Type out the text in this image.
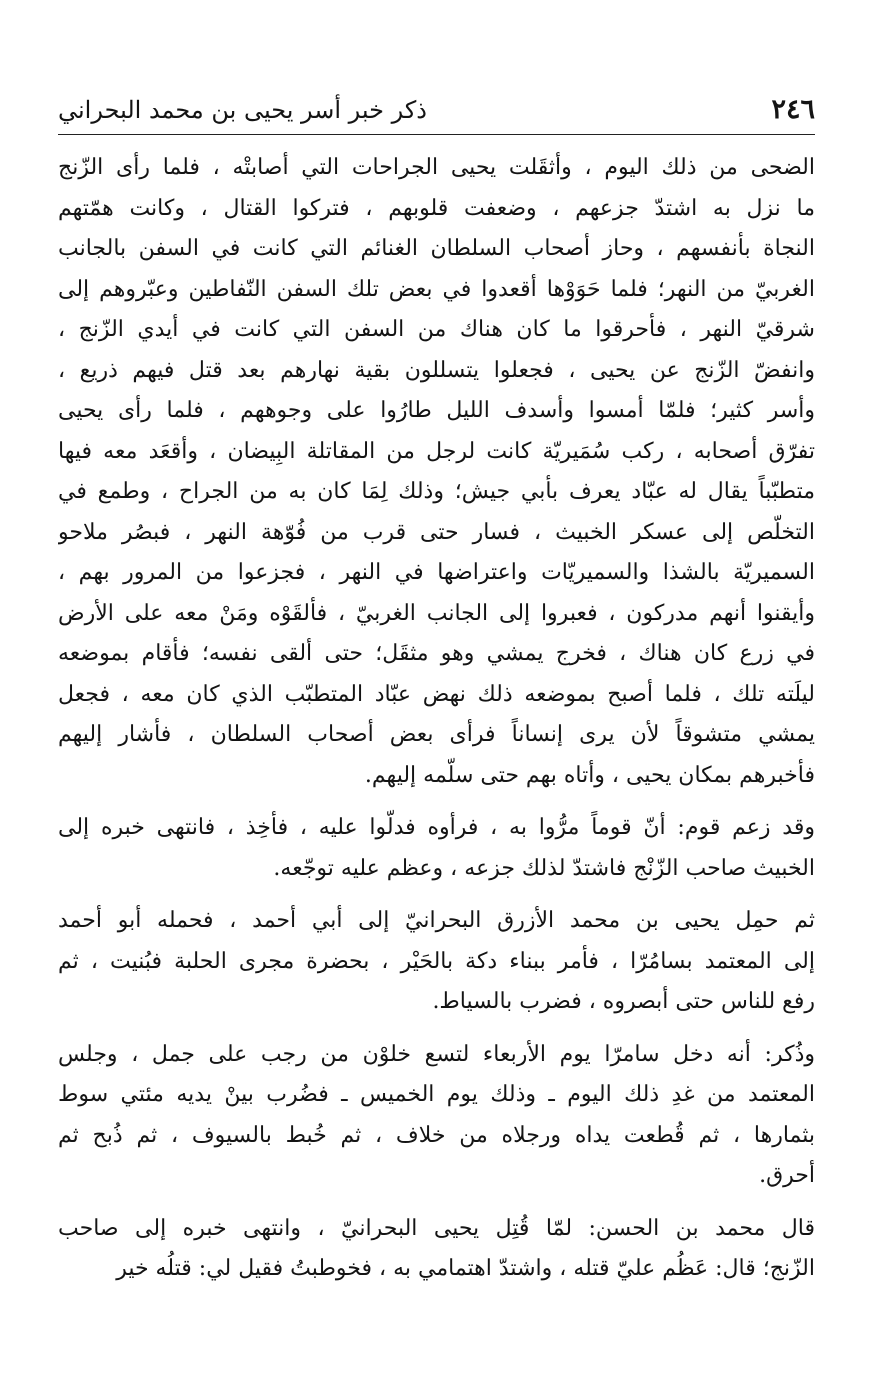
٢٤٦
ذكر خبر أسر يحيى بن محمد البحراني

الضحى من ذلك اليوم ، وأثقَلت يحيى الجراحات التي أصابتْه ، فلما رأى الزّنج
ما نزل به اشتدّ جزعهم ، وضعفت قلوبهم ، فتركوا القتال ، وكانت همّتهم
النجاة بأنفسهم ، وحاز أصحاب السلطان الغنائم التي كانت في السفن بالجانب
الغربيّ من النهر؛ فلما حَوَوْها أقعدوا في بعض تلك السفن النّفاطين وعبّروهم إلى
شرقيّ النهر ، فأحرقوا ما كان هناك من السفن التي كانت في أيدي الزّنج ،
وانفضّ الزّنج عن يحيى ، فجعلوا يتسللون بقية نهارهم بعد قتل فيهم ذريع ،
وأسر كثير؛ فلمّا أمسوا وأسدف الليل طارُوا على وجوههم ، فلما رأى يحيى
تفرّق أصحابه ، ركب سُمَيريّة كانت لرجل من المقاتلة البِيضان ، وأقعَد معه فيها
متطبّباً يقال له عبّاد يعرف بأبي جيش؛ وذلك لِمَا كان به من الجراح ، وطمع في
التخلّص إلى عسكر الخبيث ، فسار حتى قرب من فُوّهة النهر ، فبصُر ملاحو
السميريّة بالشذا والسميريّات واعتراضها في النهر ، فجزعوا من المرور بهم ،
وأيقنوا أنهم مدركون ، فعبروا إلى الجانب الغربيّ ، فألقَوْه ومَنْ معه على الأرض
في زرع كان هناك ، فخرج يمشي وهو مثقَل؛ حتى ألقى نفسه؛ فأقام بموضعه
ليلَته تلك ، فلما أصبح بموضعه ذلك نهض عبّاد المتطبّب الذي كان معه ، فجعل
يمشي متشوقاً لأن يرى إنساناً فرأى بعض أصحاب السلطان ، فأشار إليهم
فأخبرهم بمكان يحيى ، وأتاه بهم حتى سلّمه إليهم.

وقد زعم قوم: أنّ قوماً مرُّوا به ، فرأوه فدلّوا عليه ، فأخِذ ، فانتهى خبره إلى
الخبيث صاحب الزّنْج فاشتدّ لذلك جزعه ، وعظم عليه توجّعه.

ثم حمِل يحيى بن محمد الأزرق البحرانيّ إلى أبي أحمد ، فحمله أبو أحمد
إلى المعتمد بسامُرّا ، فأمر ببناء دكة بالحَيْر ، بحضرة مجرى الحلبة فبُنيت ، ثم
رفع للناس حتى أبصروه ، فضرب بالسياط.

وذُكر: أنه دخل سامرّا يوم الأربعاء لتسع خلوْن من رجب على جمل ، وجلس
المعتمد من غدِ ذلك اليوم ـ وذلك يوم الخميس ـ فضُرب بينْ يديه مئتي سوط
بثمارها ، ثم قُطعت يداه ورجلاه من خلاف ، ثم خُبط بالسيوف ، ثم ذُبح ثم
أحرق.

قال محمد بن الحسن: لمّا قُتِل يحيى البحرانيّ ، وانتهى خبره إلى صاحب
الزّنج؛ قال: عَظُم عليّ قتله ، واشتدّ اهتمامي به ، فخوطبتُ فقيل لي: قتلُه خير
